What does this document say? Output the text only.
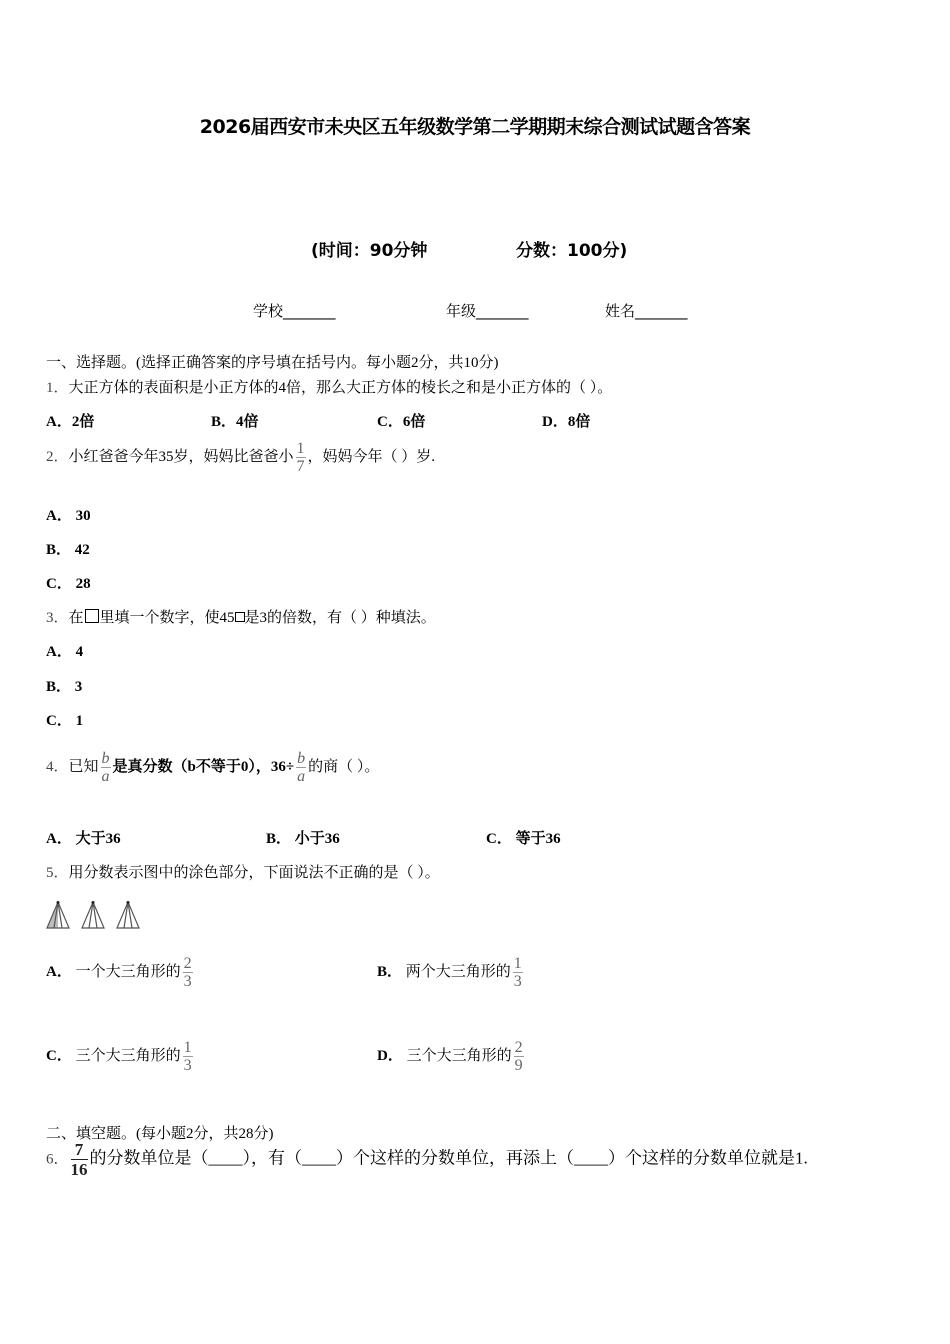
2026届西安市未央区五年级数学第二学期期末综合测试试题含答案
(时间：90分钟	分数：100分)
学校_______	年级_______	姓名_______
一、选择题。(选择正确答案的序号填在括号内。每小题2分，共10分)
1．大正方体的表面积是小正方体的4倍，那么大正方体的棱长之和是小正方体的（ ）。
A．2倍	B．4倍	C．6倍	D．8倍
2．小红爸爸今年35岁，妈妈比爸爸小 $\frac{1}{7}$ ，妈妈今年（ ）岁.
A． 30
B． 42
C． 28
3．在 里填一个数字，使45 是3的倍数，有（ ）种填法。
A． 4
B． 3
C． 1
4．已知 $\frac{b}{a}$ 是真分数（b不等于0），$36\div \frac{b}{a}$ 的商（ ）。
A． 大于36	B． 小于36	C． 等于36
5．用分数表示图中的涂色部分，下面说法不正确的是（ ）。
A． 一个大三角形的 $\frac{2}{3}$	B． 两个大三角形的 $\frac{1}{3}$
C． 三个大三角形的 $\frac{1}{3}$	D． 三个大三角形的 $\frac{2}{9}$
二、填空题。(每小题2分，共28分)
6． $\frac{7}{16}$ 的分数单位是（____），有（____）个这样的分数单位，再添上（____）个这样的分数单位就是1.
